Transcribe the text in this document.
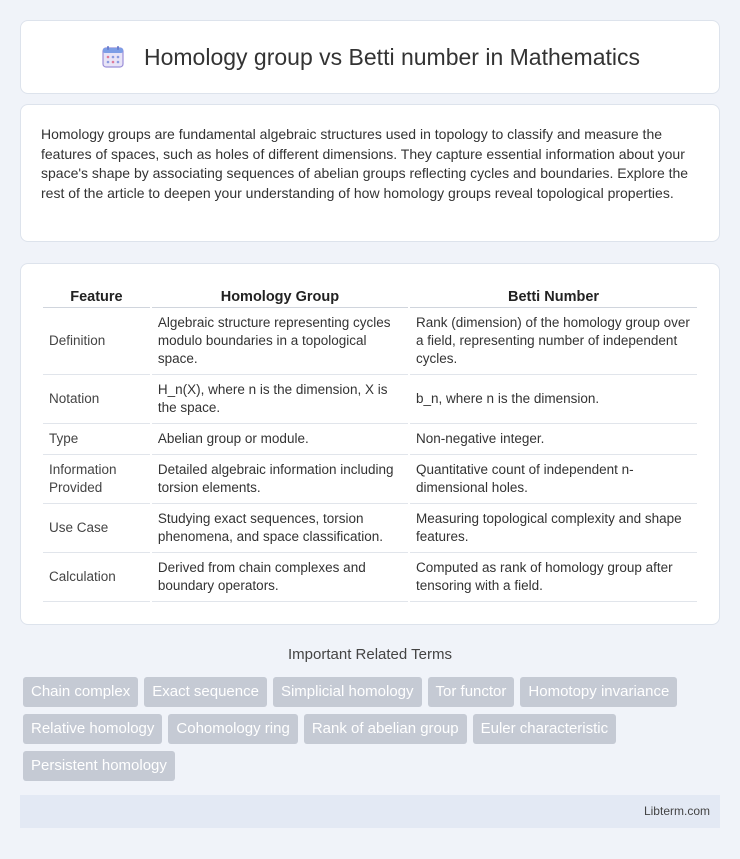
Homology group vs Betti number in Mathematics

Homology groups are fundamental algebraic structures used in topology to classify and measure the features of spaces, such as holes of different dimensions. They capture essential information about your space's shape by associating sequences of abelian groups reflecting cycles and boundaries. Explore the rest of the article to deepen your understanding of how homology groups reveal topological properties.

Feature	Homology Group	Betti Number
Definition	Algebraic structure representing cycles modulo boundaries in a topological space.	Rank (dimension) of the homology group over a field, representing number of independent cycles.
Notation	H_n(X), where n is the dimension, X is the space.	b_n, where n is the dimension.
Type	Abelian group or module.	Non-negative integer.
Information Provided	Detailed algebraic information including torsion elements.	Quantitative count of independent n-dimensional holes.
Use Case	Studying exact sequences, torsion phenomena, and space classification.	Measuring topological complexity and shape features.
Calculation	Derived from chain complexes and boundary operators.	Computed as rank of homology group after tensoring with a field.
Important Related Terms
Chain complex	Exact sequence	Simplicial homology	Tor functor	Homotopy invariance
Relative homology	Cohomology ring	Rank of abelian group	Euler characteristic
Persistent homology
Libterm.com
